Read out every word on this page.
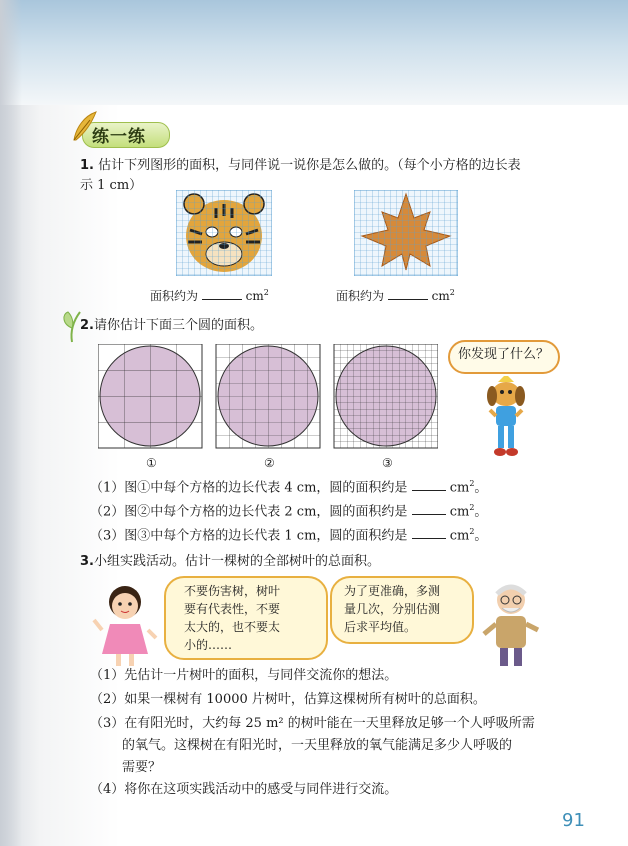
练一练
1. 估计下列图形的面积，与同伴说一说你是怎么做的。（每个小方格的边长表
示 1 cm）
面积约为	$cm^2$	面积约为	$cm^2$
2.请你估计下面三个圆的面积。
①	②	③
你发现了什么？
（1）图①中每个方格的边长代表 4 cm，圆的面积约是	$cm^2$。
（2）图②中每个方格的边长代表 2 cm，圆的面积约是	$cm^2$。
（3）图③中每个方格的边长代表 1 cm，圆的面积约是	$cm^2$。
3.小组实践活动。估计一棵树的全部树叶的总面积。
不要伤害树，树叶
要有代表性，不要
太大的，也不要太
小的……
为了更准确，多测
量几次，分别估测
后求平均值。
（1）先估计一片树叶的面积，与同伴交流你的想法。
（2）如果一棵树有 10000 片树叶，估算这棵树所有树叶的总面积。
（3）在有阳光时，大约每 25 m² 的树叶能在一天里释放足够一个人呼吸所需
的氧气。这棵树在有阳光时，一天里释放的氧气能满足多少人呼吸的
需要？
（4）将你在这项实践活动中的感受与同伴进行交流。
91
